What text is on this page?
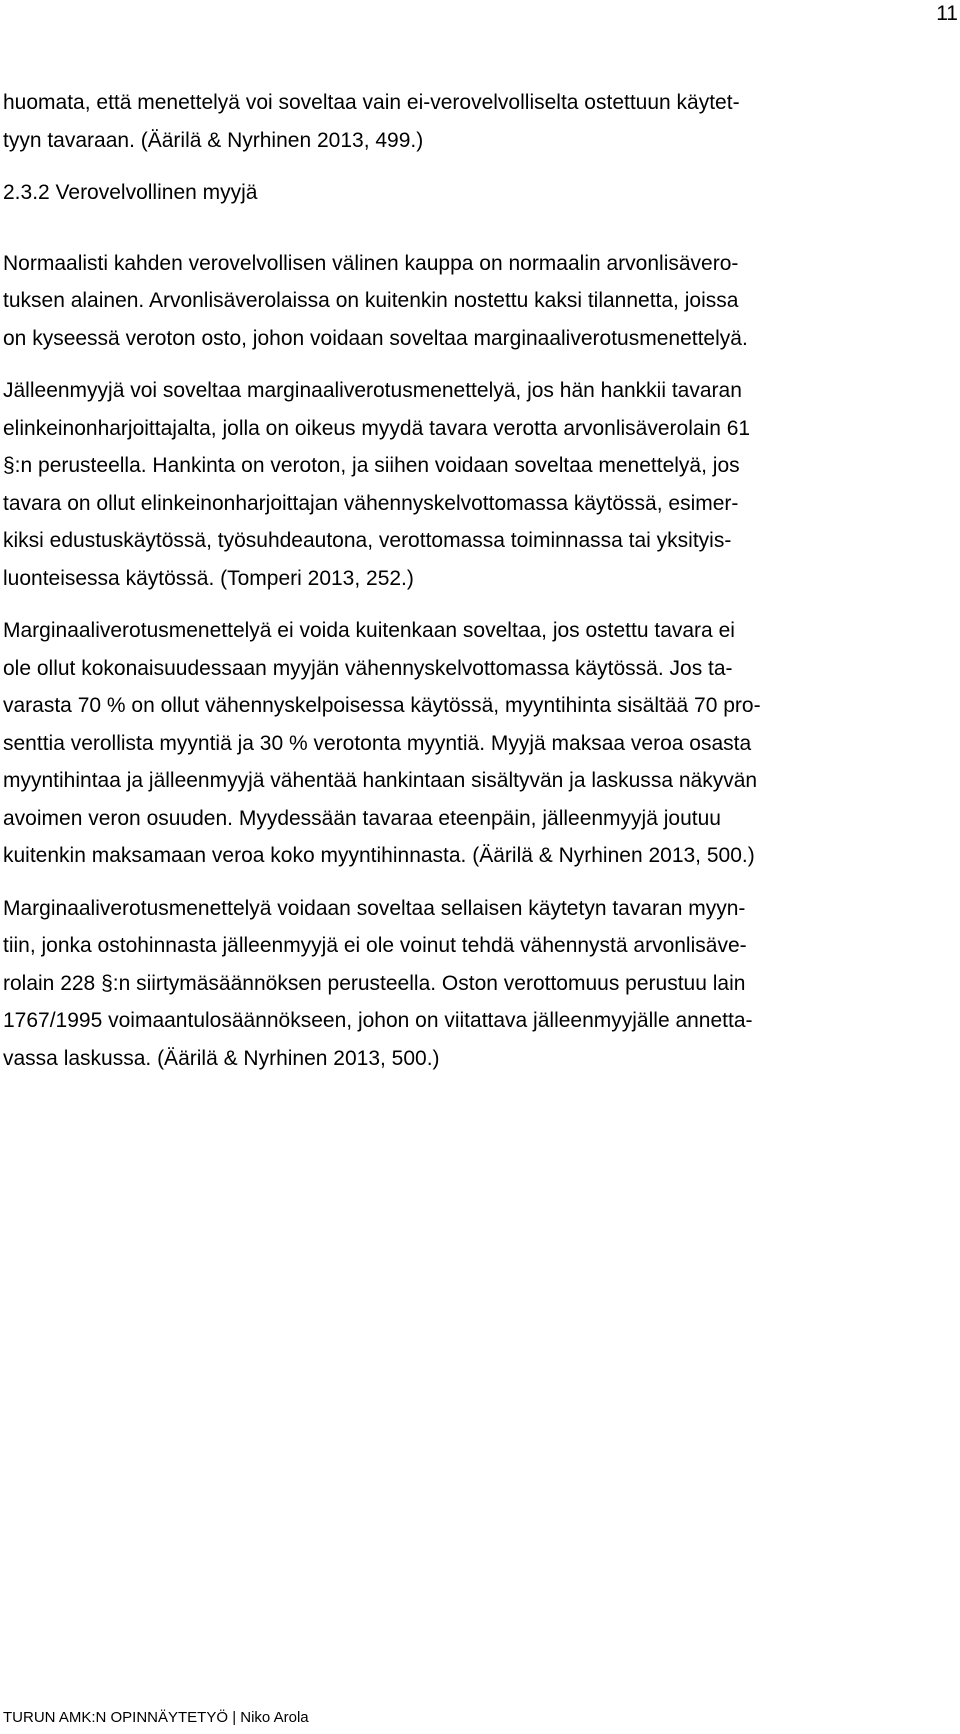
11
huomata, että menettelyä voi soveltaa vain ei-verovelvolliselta ostettuun käytet-
tyyn tavaraan. (Äärilä & Nyrhinen 2013, 499.)
2.3.2 Verovelvollinen myyjä
Normaalisti kahden verovelvollisen välinen kauppa on normaalin arvonlisävero-
tuksen alainen. Arvonlisäverolaissa on kuitenkin nostettu kaksi tilannetta, joissa
on kyseessä veroton osto, johon voidaan soveltaa marginaaliverotusmenettelyä.
Jälleenmyyjä voi soveltaa marginaaliverotusmenettelyä, jos hän hankkii tavaran
elinkeinonharjoittajalta, jolla on oikeus myydä tavara verotta arvonlisäverolain 61
§:n perusteella. Hankinta on veroton, ja siihen voidaan soveltaa menettelyä, jos
tavara on ollut elinkeinonharjoittajan vähennyskelvottomassa käytössä, esimer-
kiksi edustuskäytössä, työsuhdeautona, verottomassa toiminnassa tai yksityis-
luonteisessa käytössä. (Tomperi 2013, 252.)
Marginaaliverotusmenettelyä ei voida kuitenkaan soveltaa, jos ostettu tavara ei
ole ollut kokonaisuudessaan myyjän vähennyskelvottomassa käytössä. Jos ta-
varasta 70 % on ollut vähennyskelpoisessa käytössä, myyntihinta sisältää 70 pro-
senttia verollista myyntiä ja 30 % verotonta myyntiä. Myyjä maksaa veroa osasta
myyntihintaa ja jälleenmyyjä vähentää hankintaan sisältyvän ja laskussa näkyvän
avoimen veron osuuden. Myydessään tavaraa eteenpäin, jälleenmyyjä joutuu
kuitenkin maksamaan veroa koko myyntihinnasta. (Äärilä & Nyrhinen 2013, 500.)
Marginaaliverotusmenettelyä voidaan soveltaa sellaisen käytetyn tavaran myyn-
tiin, jonka ostohinnasta jälleenmyyjä ei ole voinut tehdä vähennystä arvonlisäve-
rolain 228 §:n siirtymäsäännöksen perusteella. Oston verottomuus perustuu lain
1767/1995 voimaantulosäännökseen, johon on viitattava jälleenmyyjälle annetta-
vassa laskussa. (Äärilä & Nyrhinen 2013, 500.)
TURUN AMK:N OPINNÄYTETYÖ | Niko Arola
